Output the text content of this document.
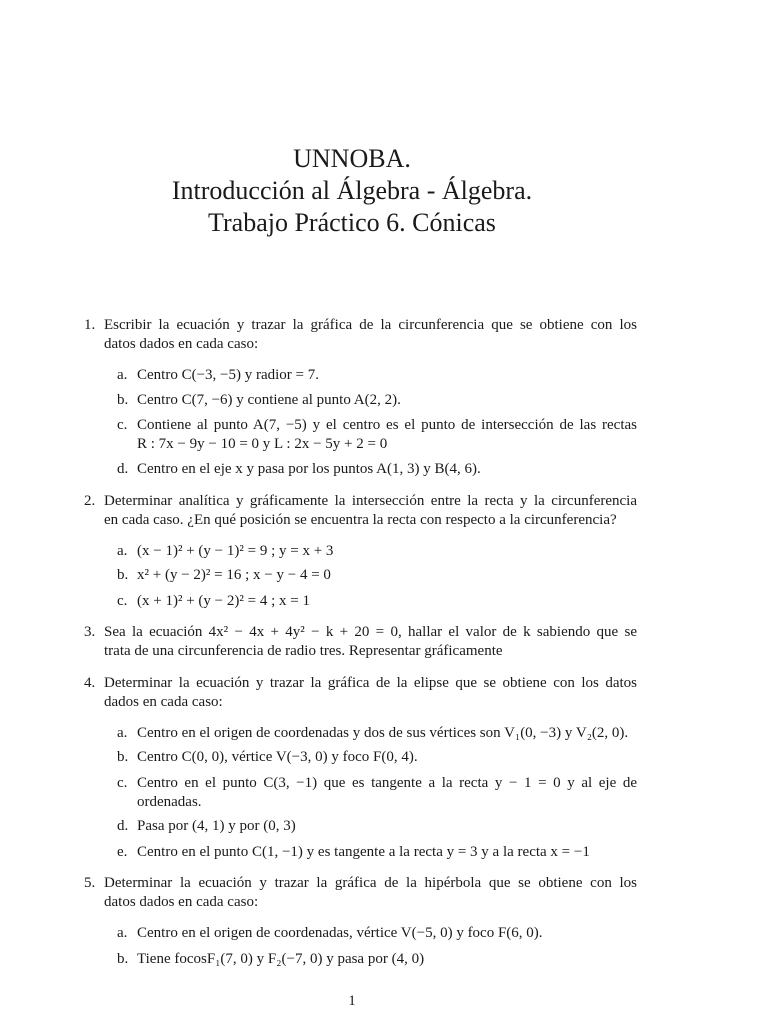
UNNOBA.
Introducción al Álgebra - Álgebra.
Trabajo Práctico 6. Cónicas
1. Escribir la ecuación y trazar la gráfica de la circunferencia que se obtiene con los
datos dados en cada caso:
a. Centro C(−3, −5) y radior = 7.
b. Centro C(7, −6) y contiene al punto A(2, 2).
c. Contiene al punto A(7, −5) y el centro es el punto de intersección de las rectas
R : 7x − 9y − 10 = 0 y L : 2x − 5y + 2 = 0
d. Centro en el eje x y pasa por los puntos A(1, 3) y B(4, 6).
2. Determinar analítica y gráficamente la intersección entre la recta y la circunferencia
en cada caso. ¿En qué posición se encuentra la recta con respecto a la circunferencia?
a. (x − 1)² + (y − 1)² = 9 ; y = x + 3
b. x² + (y − 2)² = 16 ; x − y − 4 = 0
c. (x + 1)² + (y − 2)² = 4 ; x = 1
3. Sea la ecuación 4x² − 4x + 4y² − k + 20 = 0, hallar el valor de k sabiendo que se
trata de una circunferencia de radio tres. Representar gráficamente
4. Determinar la ecuación y trazar la gráfica de la elipse que se obtiene con los datos
dados en cada caso:
a. Centro en el origen de coordenadas y dos de sus vértices son V₁(0, −3) y V₂(2, 0).
b. Centro C(0, 0), vértice V(−3, 0) y foco F(0, 4).
c. Centro en el punto C(3, −1) que es tangente a la recta y − 1 = 0 y al eje de
ordenadas.
d. Pasa por (4, 1) y por (0, 3)
e. Centro en el punto C(1, −1) y es tangente a la recta y = 3 y a la recta x = −1
5. Determinar la ecuación y trazar la gráfica de la hipérbola que se obtiene con los
datos dados en cada caso:
a. Centro en el origen de coordenadas, vértice V(−5, 0) y foco F(6, 0).
b. Tiene focosF₁(7, 0) y F₂(−7, 0) y pasa por (4, 0)
1
